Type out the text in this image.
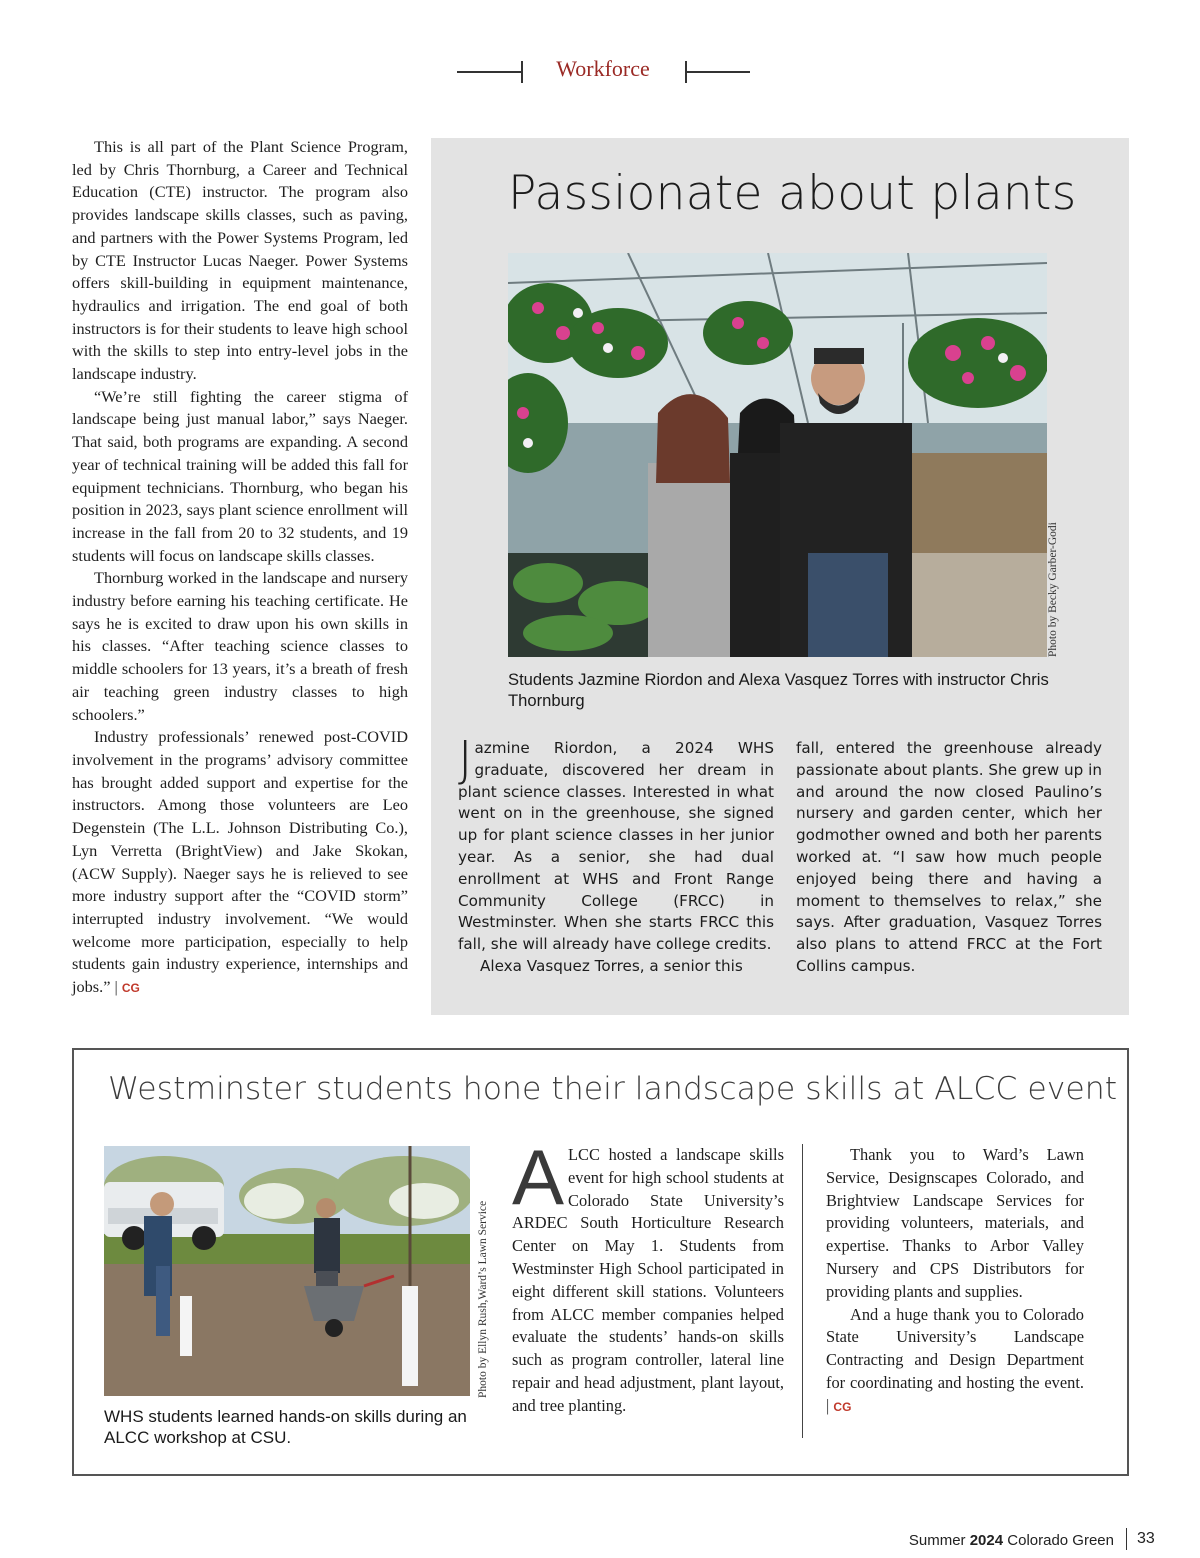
Workforce

This is all part of the Plant Science Program, led by Chris Thornburg, a Career and Technical Education (CTE) instructor. The program also provides landscape skills classes, such as paving, and partners with the Power Systems Program, led by CTE Instructor Lucas Naeger. Power Systems offers skill-building in equipment maintenance, hydraulics and irrigation. The end goal of both instructors is for their students to leave high school with the skills to step into entry-level jobs in the landscape industry.

“We’re still fighting the career stigma of landscape being just manual labor,” says Naeger. That said, both programs are expanding. A second year of technical training will be added this fall for equipment technicians. Thornburg, who began his position in 2023, says plant science enrollment will increase in the fall from 20 to 32 students, and 19 students will focus on landscape skills classes.

Thornburg worked in the landscape and nursery industry before earning his teaching certificate. He says he is excited to draw upon his own skills in his classes. “After teaching science classes to middle schoolers for 13 years, it’s a breath of fresh air teaching green industry classes to high schoolers.”

Industry professionals’ renewed post-COVID involvement in the programs’ advisory committee has brought added support and expertise for the instructors. Among those volunteers are Leo Degenstein (The L.L. Johnson Distributing Co.), Lyn Verretta (BrightView) and Jake Skokan, (ACW Supply). Naeger says he is relieved to see more industry support after the “COVID storm” interrupted industry involvement. “We would welcome more participation, especially to help students gain industry experience, internships and jobs.” | CG

Passionate about plants
Photo by Becky Garber-Godi
Students Jazmine Riordon and Alexa Vasquez Torres with instructor Chris Thornburg

Jazmine Riordon, a 2024 WHS graduate, discovered her dream in plant science classes. Interested in what went on in the greenhouse, she signed up for plant science classes in her junior year. As a senior, she had dual enrollment at WHS and Front Range Community College (FRCC) in Westminster. When she starts FRCC this fall, she will already have college credits.

Alexa Vasquez Torres, a senior this

fall, entered the greenhouse already passionate about plants. She grew up in and around the now closed Paulino’s nursery and garden center, which her godmother owned and both her parents worked at. “I saw how much people enjoyed being there and having a moment to themselves to relax,” she says. After graduation, Vasquez Torres also plans to attend FRCC at the Fort Collins campus.

Westminster students hone their landscape skills at ALCC event
Photo by Ellyn Rush,Ward’s Lawn Service
WHS students learned hands-on skills during an ALCC workshop at CSU.

ALCC hosted a landscape skills event for high school students at Colorado State University’s ARDEC South Horticulture Research Center on May 1. Students from Westminster High School participated in eight different skill stations. Volunteers from ALCC member companies helped evaluate the students’ hands-on skills such as program controller, lateral line repair and head adjustment, plant layout, and tree planting.

Thank you to Ward’s Lawn Service, Designscapes Colorado, and Brightview Landscape Services for providing volunteers, materials, and expertise. Thanks to Arbor Valley Nursery and CPS Distributors for providing plants and supplies.

And a huge thank you to Colorado State University’s Landscape Contracting and Design Department for coordinating and hosting the event. | CG

Summer 2024 Colorado Green 33
